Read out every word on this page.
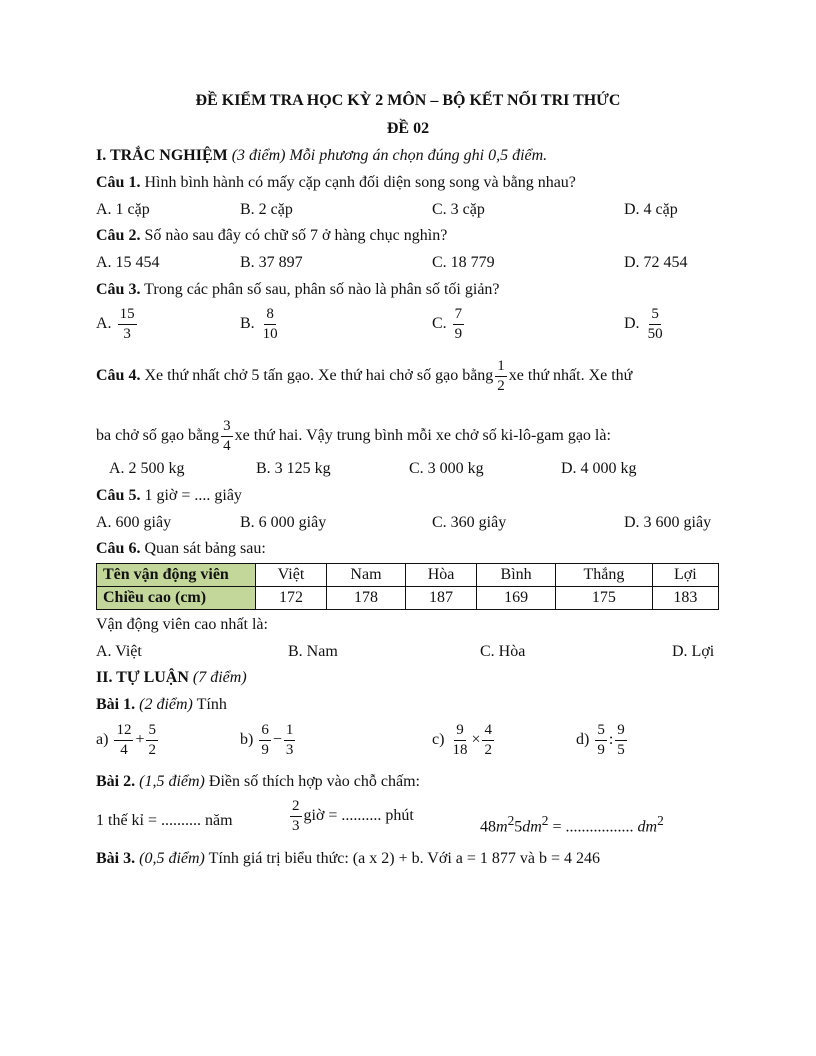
ĐỀ KIỂM TRA HỌC KỲ 2 MÔN – BỘ KẾT NỐI TRI THỨC
ĐỀ 02
I. TRẮC NGHIỆM (3 điểm) Mỗi phương án chọn đúng ghi 0,5 điểm.
Câu 1. Hình bình hành có mấy cặp cạnh đối diện song song và bằng nhau?
A. 1 cặp	B. 2 cặp	C. 3 cặp	D. 4 cặp
Câu 2. Số nào sau đây có chữ số 7 ở hàng chục nghìn?
A. 15 454	B. 37 897	C. 18 779	D. 72 454
Câu 3. Trong các phân số sau, phân số nào là phân số tối giản?
A. $\frac{15}{3}$	B. $\frac{8}{10}$	C. $\frac{7}{9}$	D. $\frac{5}{50}$
Câu 4. Xe thứ nhất chở 5 tấn gạo. Xe thứ hai chở số gạo bằng $\frac{1}{2}$ xe thứ nhất. Xe thứ
ba chở số gạo bằng $\frac{3}{4}$ xe thứ hai. Vậy trung bình mỗi xe chở số ki-lô-gam gạo là:
A. 2 500 kg	B. 3 125 kg	C. 3 000 kg	D. 4 000 kg
Câu 5. 1 giờ = .... giây
A. 600 giây	B. 6 000 giây	C. 360 giây	D. 3 600 giây
Câu 6. Quan sát bảng sau:
Tên vận động viên	Việt	Nam	Hòa	Bình	Thắng	Lợi
Chiều cao (cm)	172	178	187	169	175	183
Vận động viên cao nhất là:
A. Việt	B. Nam	C. Hòa	D. Lợi
II. TỰ LUẬN (7 điểm)
Bài 1. (2 điểm) Tính
$a) \frac{12}{4} + \frac{5}{2}$	$b) \frac{6}{9} - \frac{1}{3}$	$c) \frac{9}{18} \times \frac{4}{2}$	$d) \frac{5}{9}$ : $\frac{9}{5}$
Bài 2. (1,5 điểm) Điền số thích hợp vào chỗ chấm:
1 thế kỉ = .......... năm	$\frac{2}{3}$ giờ = .......... phút
$48m^25dm^2$ = ................. $dm^2$
Bài 3. (0,5 điểm) Tính giá trị biểu thức: (a x 2) + b. Với a = 1 877 và b = 4 246
